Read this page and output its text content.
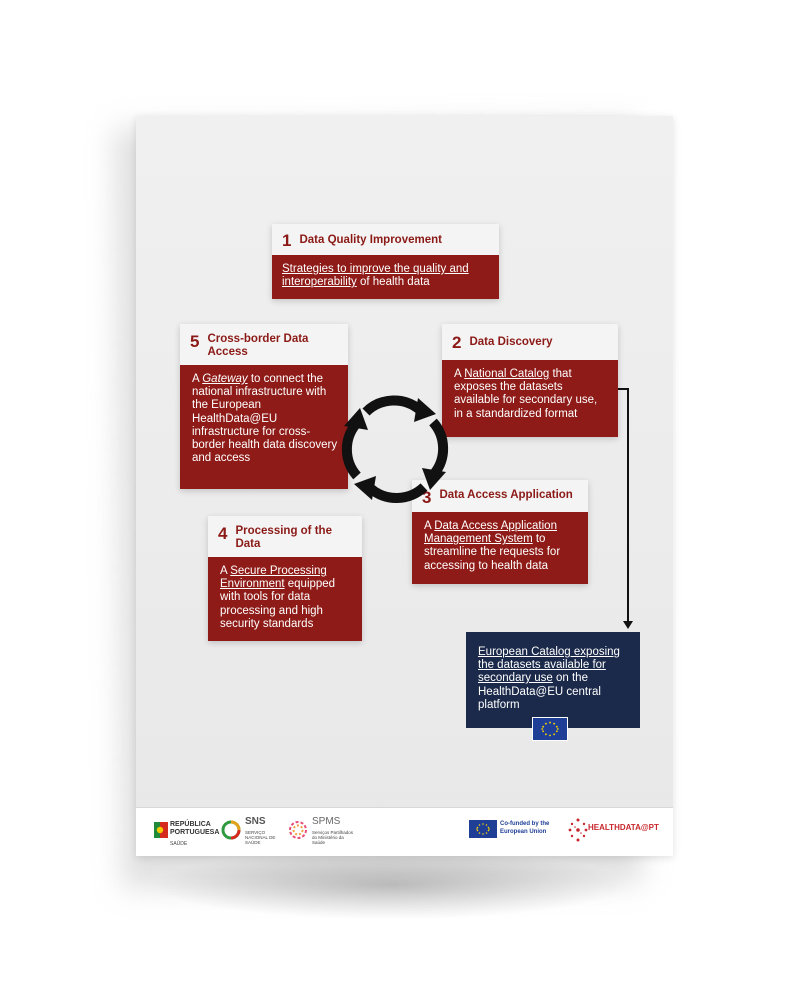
1 Data Quality Improvement
Strategies to improve the quality and interoperability of health data
5 Cross-border Data Access
A Gateway to connect the national infrastructure with the European HealthData@EU infrastructure for cross-border health data discovery and access
2 Data Discovery
A National Catalog that exposes the datasets available for secondary use, in a standardized format
3 Data Access Application
A Data Access Application Management System to streamline the requests for accessing to health data
4 Processing of the Data
A Secure Processing Environment equipped with tools for data processing and high security standards
European Catalog exposing the datasets available for secondary use on the HealthData@EU central platform
REPÚBLICA
PORTUGUESA
SAÚDE
SNS
SERVIÇO NACIONAL DE SAÚDE
SPMS
Serviços Partilhados do Ministério da Saúde
Co-funded by the European Union	HEALTHDATA@PT
